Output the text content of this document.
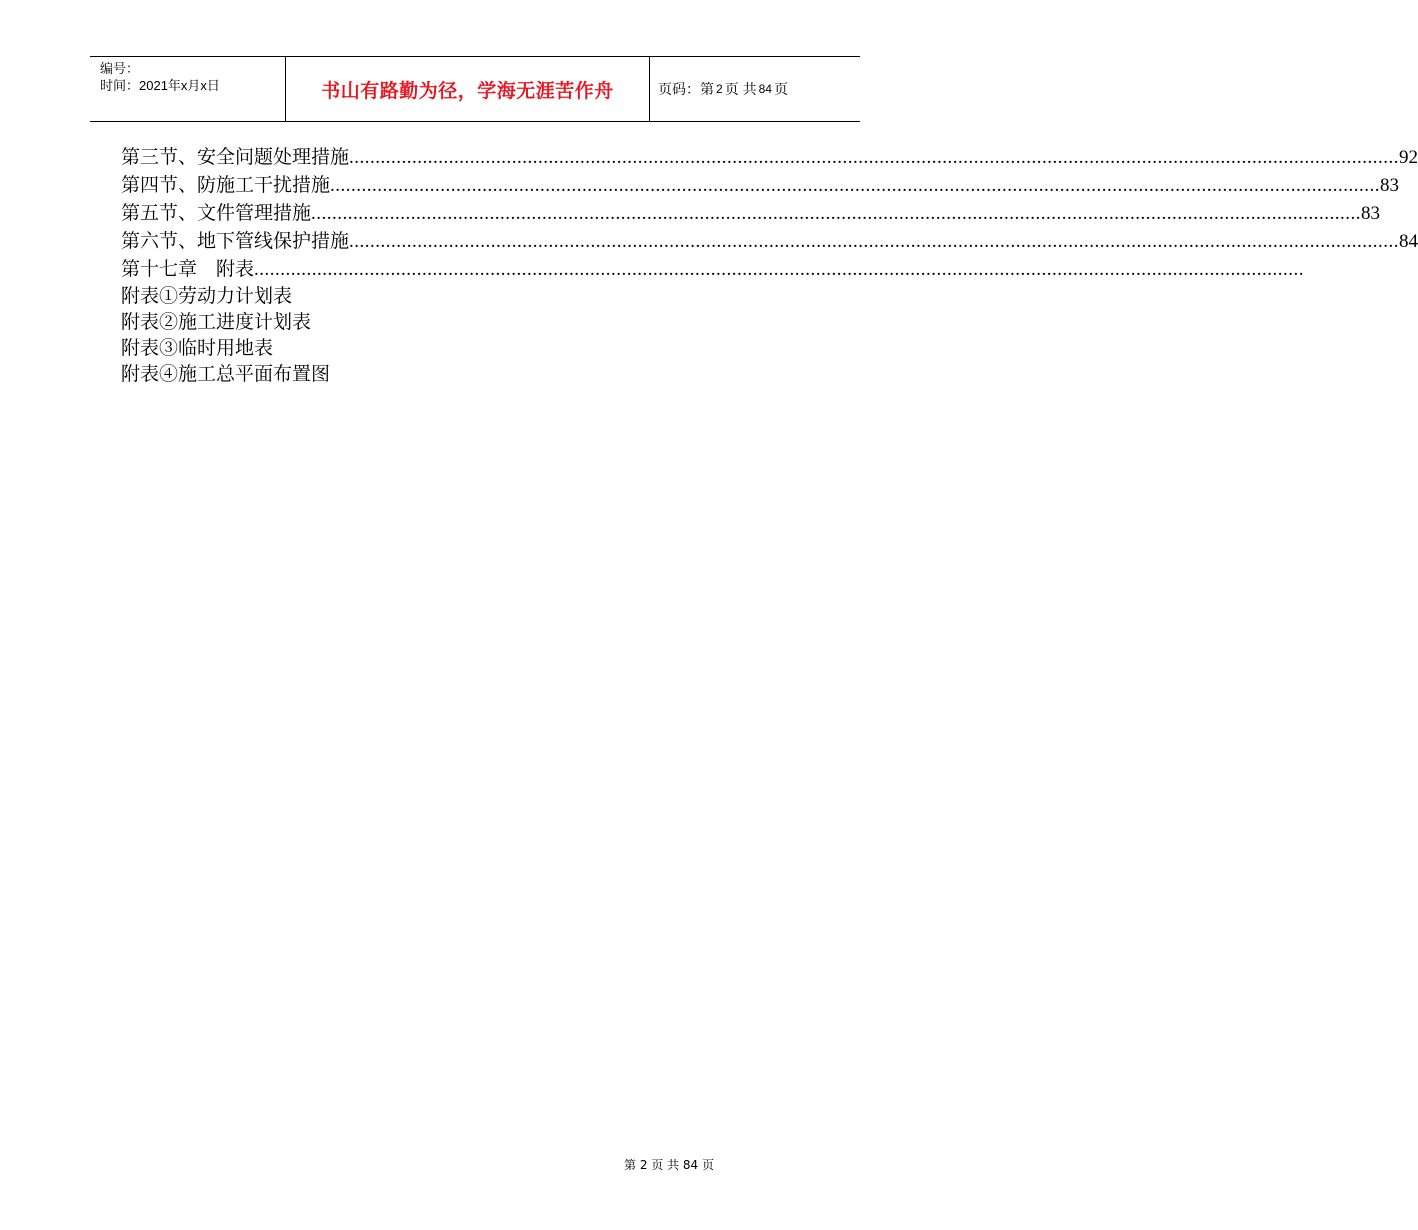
编号：
时间：2021年x月x日	书山有路勤为径，学海无涯苦作舟	页码：第 2 页 共 84 页
第三节、安全问题处理措施 ........................................................................................................................................................................................................ 92
第四节、防施工干扰措施 ........................................................................................................................................................................................................ 83
第五节、文件管理措施 ........................................................................................................................................................................................................ 83
第六节、地下管线保护措施 ........................................................................................................................................................................................................ 84
第十七章　附表 ........................................................................................................................................................................................................
附表①劳动力计划表
附表②施工进度计划表
附表③临时用地表
附表④施工总平面布置图
第 2 页 共 84 页
